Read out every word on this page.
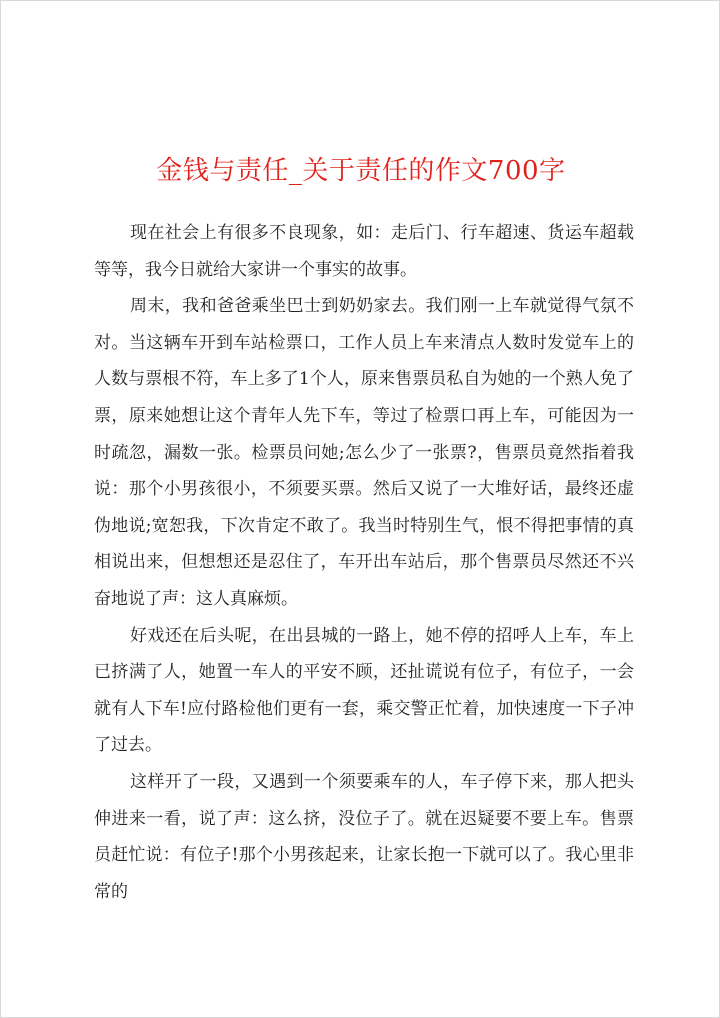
金钱与责任_关于责任的作文700字

现在社会上有很多不良现象，如：走后门、行车超速、货运车超载等等，我今日就给大家讲一个事实的故事。

周末，我和爸爸乘坐巴士到奶奶家去。我们刚一上车就觉得气氛不对。当这辆车开到车站检票口，工作人员上车来清点人数时发觉车上的人数与票根不符，车上多了1个人，原来售票员私自为她的一个熟人免了票，原来她想让这个青年人先下车，等过了检票口再上车，可能因为一时疏忽，漏数一张。检票员问她;怎么少了一张票?，售票员竟然指着我说：那个小男孩很小，不须要买票。然后又说了一大堆好话，最终还虚伪地说;宽恕我，下次肯定不敢了。我当时特别生气，恨不得把事情的真相说出来，但想想还是忍住了，车开出车站后，那个售票员尽然还不兴奋地说了声：这人真麻烦。

好戏还在后头呢，在出县城的一路上，她不停的招呼人上车，车上已挤满了人，她置一车人的平安不顾，还扯谎说有位子，有位子，一会就有人下车!应付路检他们更有一套，乘交警正忙着，加快速度一下子冲了过去。

这样开了一段，又遇到一个须要乘车的人，车子停下来，那人把头伸进来一看，说了声：这么挤，没位子了。就在迟疑要不要上车。售票员赶忙说：有位子!那个小男孩起来，让家长抱一下就可以了。我心里非常的
